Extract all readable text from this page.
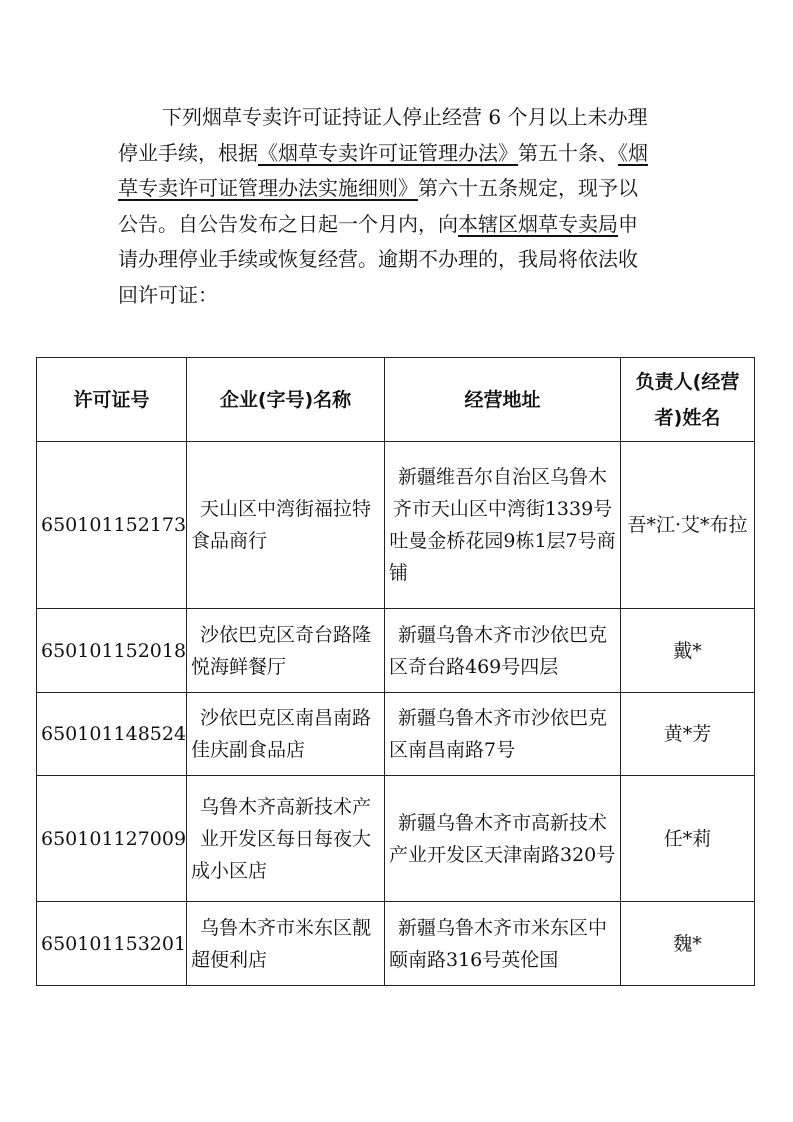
下列烟草专卖许可证持证人停止经营 6 个月以上未办理
停业手续，根据《烟草专卖许可证管理办法》第五十条、《烟
草专卖许可证管理办法实施细则》第六十五条规定，现予以
公告。自公告发布之日起一个月内，向本辖区烟草专卖局申
请办理停业手续或恢复经营。逾期不办理的，我局将依法收
回许可证：
许可证号	企业(字号)名称	经营地址	负责人(经营者)姓名
650101152173	天山区中湾街福拉特食品商行	新疆维吾尔自治区乌鲁木齐市天山区中湾街1339号吐曼金桥花园9栋1层7号商铺	吾*江·艾*布拉
650101152018	沙依巴克区奇台路隆悦海鲜餐厅	新疆乌鲁木齐市沙依巴克区奇台路469号四层	戴*
650101148524	沙依巴克区南昌南路佳庆副食品店	新疆乌鲁木齐市沙依巴克区南昌南路7号	黄*芳
650101127009	乌鲁木齐高新技术产业开发区每日每夜大成小区店	新疆乌鲁木齐市高新技术产业开发区天津南路320号	任*莉
650101153201	乌鲁木齐市米东区靓超便利店	新疆乌鲁木齐市米东区中颐南路316号英伦国	魏*
